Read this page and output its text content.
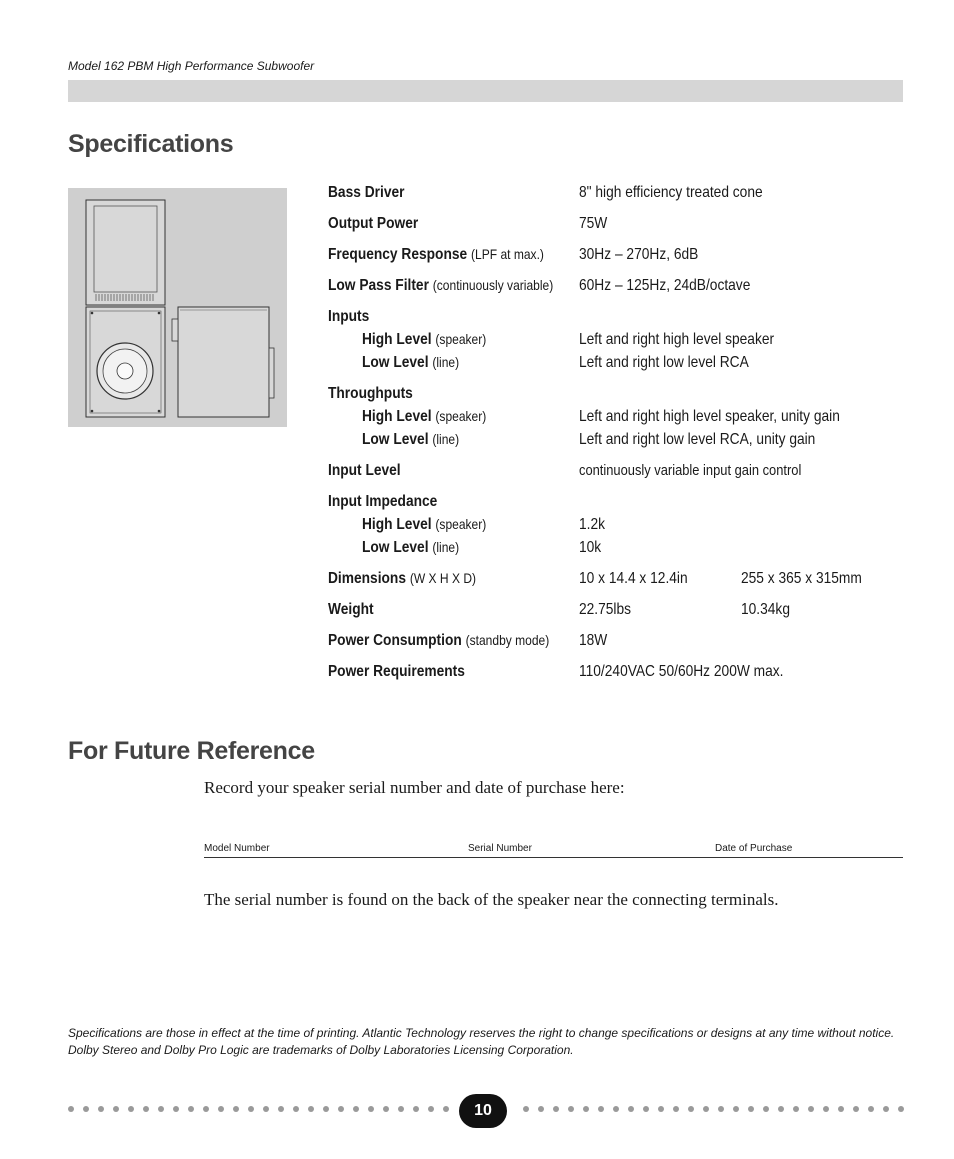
Model 162 PBM High Performance Subwoofer
Specifications
Bass Driver	8" high efficiency treated cone
Output Power	75W
Frequency Response (LPF at max.) 30Hz – 270Hz, 6dB
Low Pass Filter (continuously variable) 60Hz – 125Hz, 24dB/octave
Inputs
High Level (speaker)	Left and right high level speaker
Low Level (line)	Left and right low level RCA
Throughputs
High Level (speaker)	Left and right high level speaker, unity gain
Low Level (line)	Left and right low level RCA, unity gain
Input Level	continuously variable input gain control
Input Impedance
High Level (speaker)	1.2k
Low Level (line)	10k
Dimensions (W X H X D)	10 x 14.4 x 12.4in	255 x 365 x 315mm
Weight	22.75lbs	10.34kg
Power Consumption (standby mode) 18W
Power Requirements	110/240VAC 50/60Hz 200W max.
For Future Reference
Record your speaker serial number and date of purchase here:
Model Number	Serial Number	Date of Purchase
The serial number is found on the back of the speaker near the connecting terminals.
Specifications are those in effect at the time of printing. Atlantic Technology reserves the right to change specifications or designs at any time without notice.
Dolby Stereo and Dolby Pro Logic are trademarks of Dolby Laboratories Licensing Corporation.
10
